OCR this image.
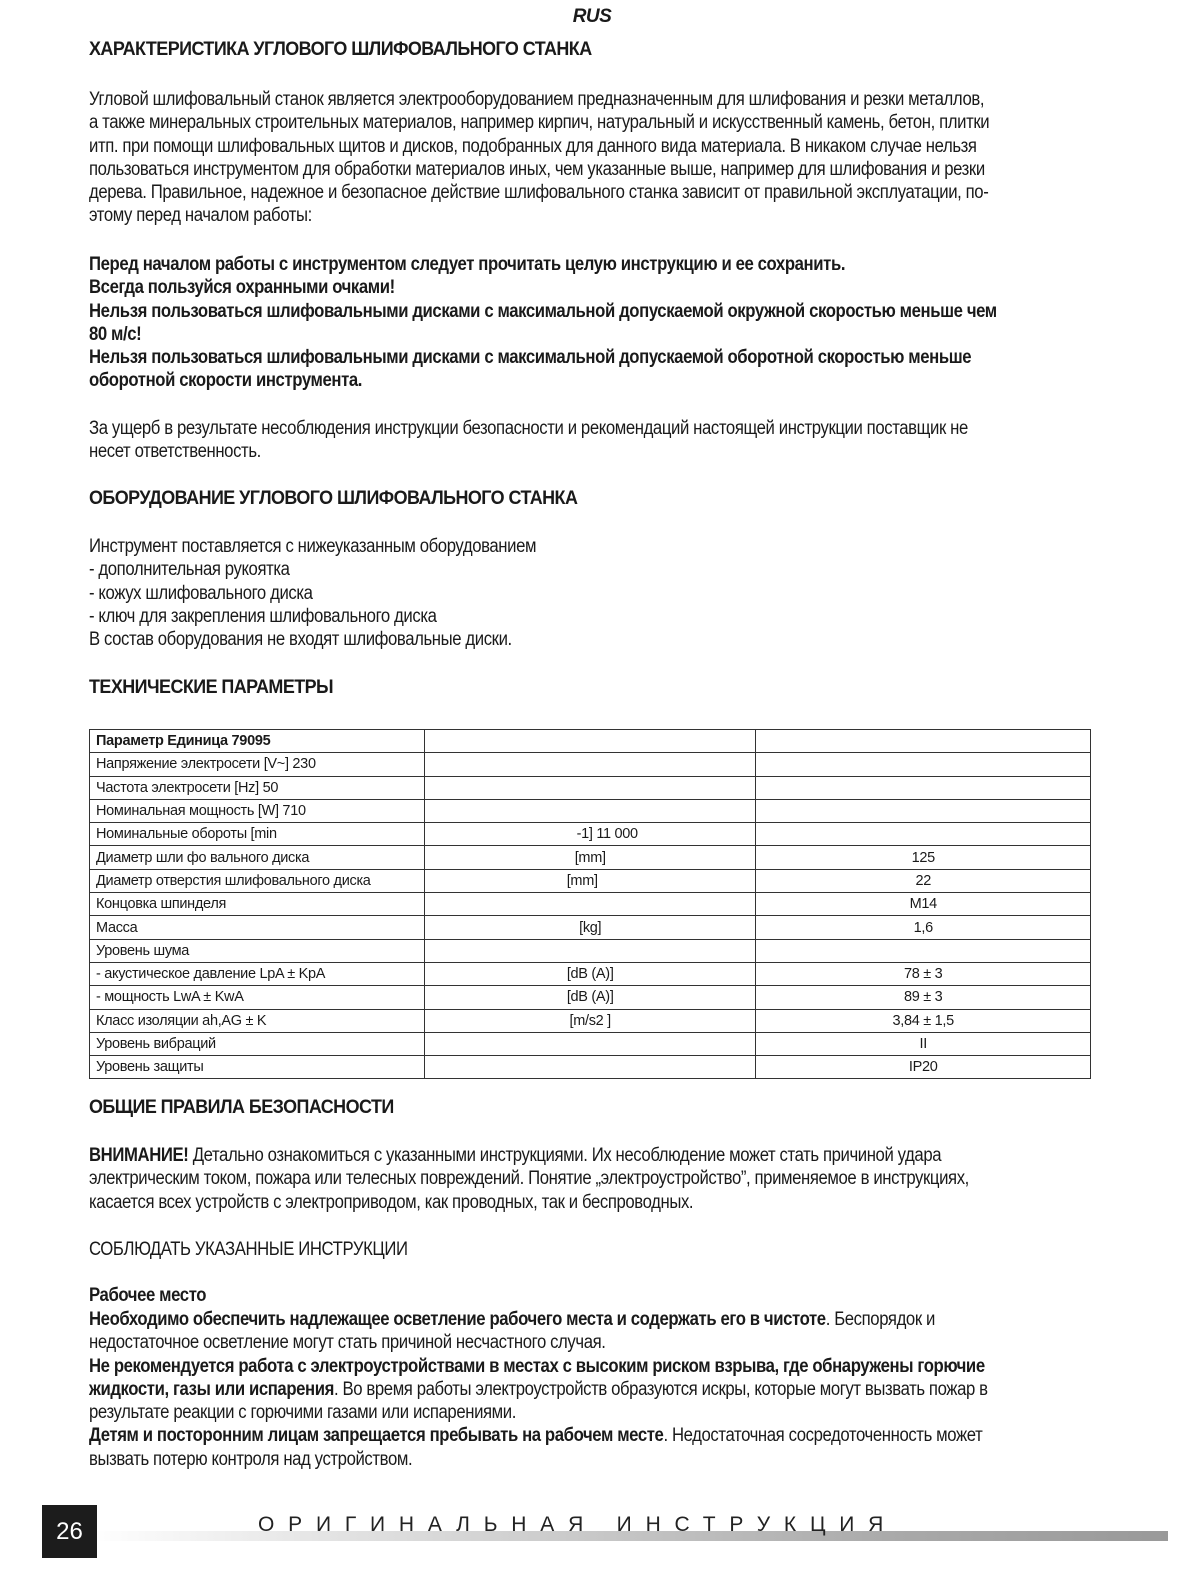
RUS
ХАРАКТЕРИСТИКА УГЛОВОГО ШЛИФОВАЛЬНОГО СТАНКА
Угловой шлифовальный станок является электрооборудованием предназначенным для шлифования и резки металлов,
а также минеральных строительных материалов, например кирпич, натуральный и искусственный камень, бетон, плитки
итп. при помощи шлифовальных щитов и дисков, подобранных для данного вида материала. В никаком случае нельзя
пользоваться инструментом для обработки материалов иных, чем указанные выше, например для шлифования и резки
дерева. Правильное, надежное и безопасное действие шлифовального станка зависит от правильной эксплуатации, по-
этому перед началом работы:
Перед началом работы с инструментом следует прочитать целую инструкцию и ее сохранить.
Всегда пользуйся охранными очками!
Нельзя пользоваться шлифовальными дисками с максимальной допускаемой окружной скоростью меньше чем
80 м/с!
Нельзя пользоваться шлифовальными дисками с максимальной допускаемой оборотной скоростью меньше
оборотной скорости инструмента.
За ущерб в результате несоблюдения инструкции безопасности и рекомендаций настоящей инструкции поставщик не
несет ответственность.
ОБОРУДОВАНИЕ УГЛОВОГО ШЛИФОВАЛЬНОГО СТАНКА
Инструмент поставляется с нижеуказанным оборудованием
- дополнительная рукоятка
- кожух шлифовального диска
- ключ для закрепления шлифовального диска
В состав оборудования не входят шлифовальные диски.
ТЕХНИЧЕСКИЕ ПАРАМЕТРЫ
Параметр Единица 79095		
Напряжение электросети [V~] 230		
Частота электросети [Hz] 50		
Номинальная мощность [W] 710		
Номинальные обороты [min	-1] 11 000	
Диаметр шли фо вального диска	[mm]	125
Диаметр отверстия шлифовального диска	[mm]	22
Концовка шпинделя		M14
Масса	[kg]	1,6
Уровень шума		
- акустическое давление LpA ± KpA	[dB (A)]	78 ± 3
- мощность LwA ± KwA	[dB (A)]	89 ± 3
Класс изоляции ah,AG ± K	[m/s2 ]	3,84 ± 1,5
Уровень вибраций		II
Уровень защиты		IP20
ОБЩИЕ ПРАВИЛА БЕЗОПАСНОСТИ
ВНИМАНИЕ! Детально ознакомиться с указанными инструкциями. Их несоблюдение может стать причиной удара
электрическим током, пожара или телесных повреждений. Понятие „электроустройство”, применяемое в инструкциях,
касается всех устройств с электроприводом, как проводных, так и беспроводных.
СОБЛЮДАТЬ УКАЗАННЫЕ ИНСТРУКЦИИ
Рабочее место
Необходимо обеспечить надлежащее осветление рабочего места и содержать его в чистоте. Беспорядок и
недостаточное осветление могут стать причиной несчастного случая.
Не рекомендуется работа с электроустройствами в местах с высоким риском взрыва, где обнаружены горючие
жидкости, газы или испарения. Во время работы электроустройств образуются искры, которые могут вызвать пожар в
результате реакции с горючими газами или испарениями.
Детям и посторонним лицам запрещается пребывать на рабочем месте. Недостаточная сосредоточенность может
вызвать потерю контроля над устройством.
26	ОРИГИНАЛЬНАЯ ИНСТРУКЦИЯ
